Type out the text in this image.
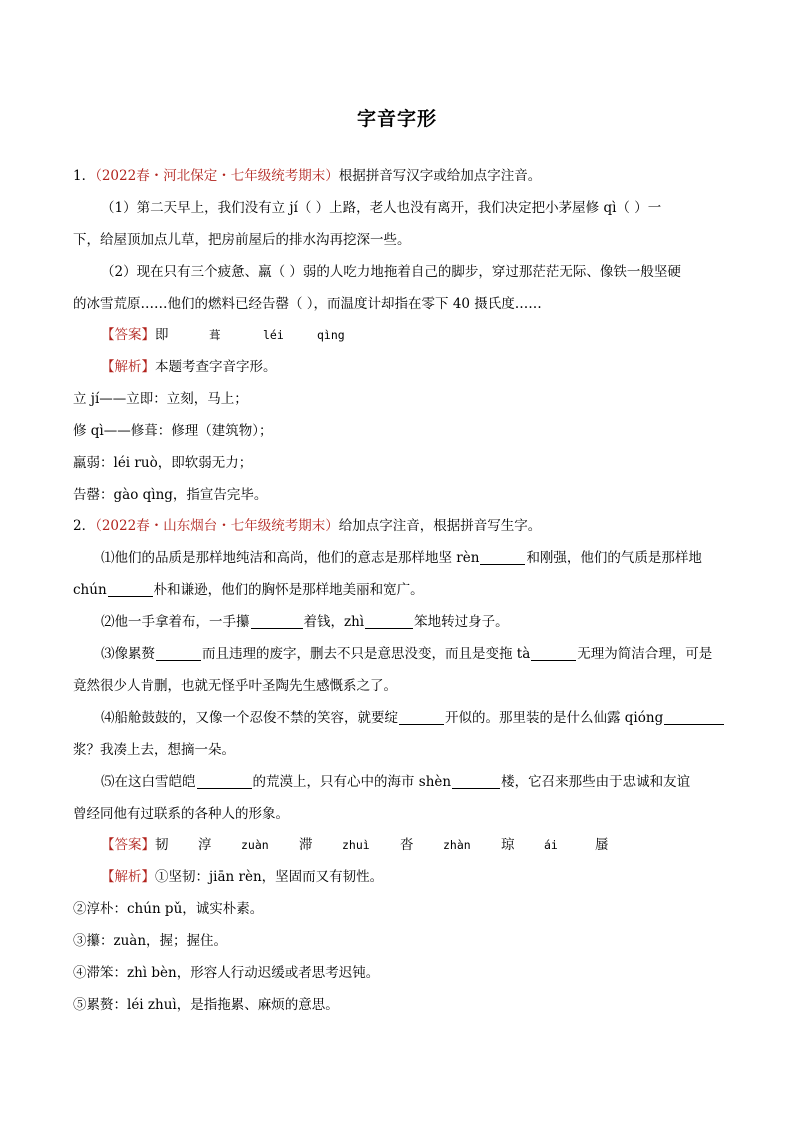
字音字形
1．（2022春・河北保定・七年级统考期末）根据拼音写汉字或给加点字注音。
（1）第二天早上，我们没有立 jí（ ）上路，老人也没有离开，我们决定把小茅屋修 qì（ ）一
下，给屋顶加点儿草，把房前屋后的排水沟再挖深一些。
（2）现在只有三个疲惫、羸（ ）弱的人吃力地拖着自己的脚步，穿过那茫茫无际、像铁一般坚硬
的冰雪荒原……他们的燃料已经告罄（ ），而温度计却指在零下 40 摄氏度……
【答案】即	葺	léi	qìng
【解析】本题考查字音字形。
立 jí——立即：立刻，马上；
修 qì——修葺：修理（建筑物）；
羸弱：léi ruò，即软弱无力；
告罄：gào qìng，指宣告完毕。
2．（2022春・山东烟台・七年级统考期末）给加点字注音，根据拼音写生字。
⑴他们的品质是那样地纯洁和高尚，他们的意志是那样地坚 rèn	和刚强，他们的气质是那样地
chún	朴和谦逊，他们的胸怀是那样地美丽和宽广。
⑵他一手拿着布，一手攥	着钱，zhì	笨地转过身子。
⑶像累赘	而且违理的废字，删去不只是意思没变，而且是变拖 tà	无理为简洁合理，可是
竟然很少人肯删，也就无怪乎叶圣陶先生感慨系之了。
⑷船舱鼓鼓的，又像一个忍俊不禁的笑容，就要绽	开似的。那里装的是什么仙露 qióng
浆？我凑上去，想摘一朵。
⑸在这白雪皑皑	的荒漠上，只有心中的海市 shèn	楼，它召来那些由于忠诚和友谊
曾经同他有过联系的各种人的形象。
【答案】韧 淳	zuàn 滞	zhuì 沓	zhàn 琼	ái	蜃
【解析】①坚韧：jiān rèn，坚固而又有韧性。
②淳朴：chún pǔ，诚实朴素。
③攥：zuàn，握；握住。
④滞笨：zhì bèn，形容人行动迟缓或者思考迟钝。
⑤累赘：léi zhuì，是指拖累、麻烦的意思。
